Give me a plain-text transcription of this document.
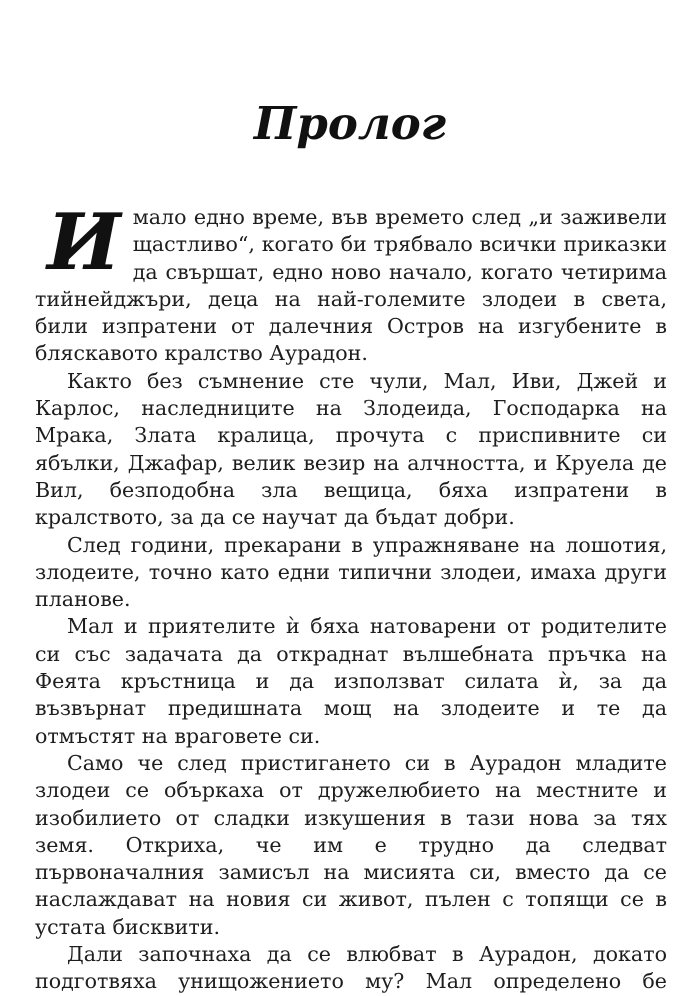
Пролог

Имало едно време, във времето след „и заживели щастливо“, когато би трябвало всички приказки да свършат, едно ново начало, когато четирима тийнейджъри, деца на най-големите злодеи в света, били изпратени от далечния Остров на изгубените в бляскавото кралство Аурадон.

Както без съмнение сте чули, Мал, Иви, Джей и Карлос, наследниците на Злодеида, Господарка на Мрака, Злата кралица, прочута с приспивните си ябълки, Джафар, велик везир на алчността, и Круела де Вил, безподобна зла вещица, бяха изпратени в кралството, за да се научат да бъдат добри.

След години, прекарани в упражняване на лошотия, злодеите, точно като едни типични злодеи, имаха други планове.

Мал и приятелите ѝ бяха натоварени от родителите си със задачата да откраднат вълшебната пръчка на Феята кръстница и да използват силата ѝ, за да възвърнат предишната мощ на злодеите и те да отмъстят на враговете си.

Само че след пристигането си в Аурадон младите злодеи се объркаха от дружелюбието на местните и изобилието от сладки изкушения в тази нова за тях земя. Откриха, че им е трудно да следват първоначалния замисъл на мисията си, вместо да се наслаждават на новия си живот, пълен с топящи се в устата бисквити.

Дали започнаха да се влюбват в Аурадон, докато подготвяха унищожението му? Мал определено бе
